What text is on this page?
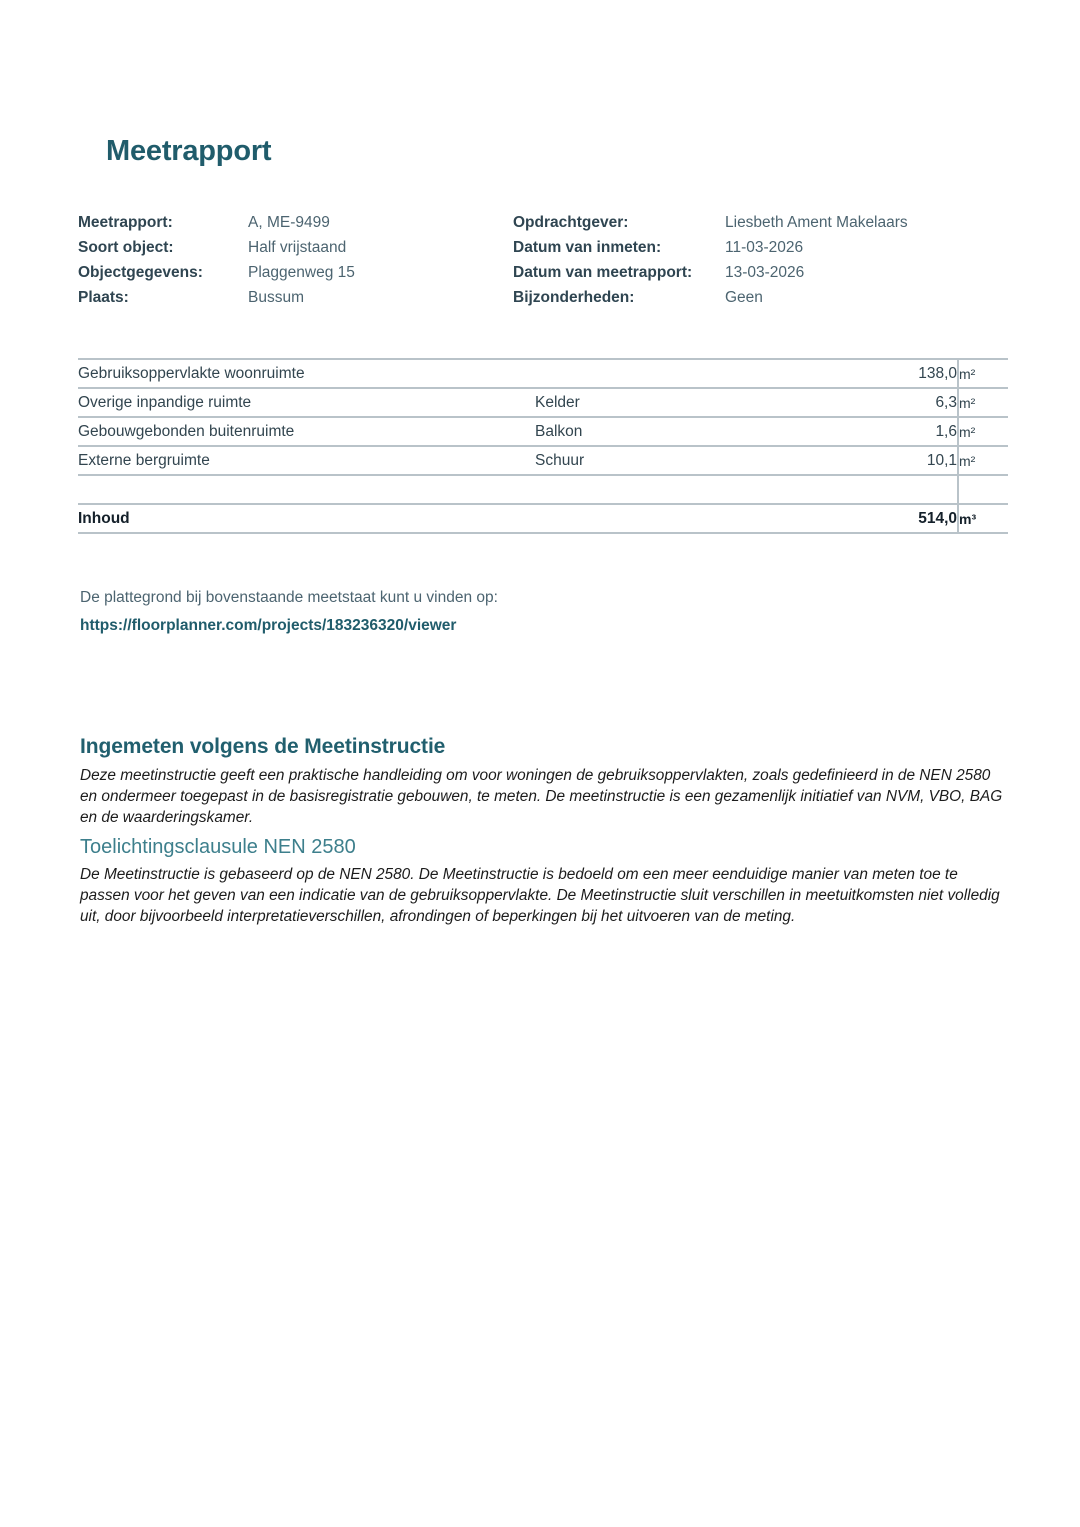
Meetrapport
Meetrapport:	A, ME-9499
Soort object:	Half vrijstaand
Objectgegevens:	Plaggenweg 15
Plaats:	Bussum
Opdrachtgever:	Liesbeth Ament Makelaars
Datum van inmeten:	11-03-2026
Datum van meetrapport:	13-03-2026
Bijzonderheden:	Geen
Gebruiksoppervlakte woonruimte		138,0	m²
Overige inpandige ruimte	Kelder	6,3	m²
Gebouwgebonden buitenruimte	Balkon	1,6	m²
Externe bergruimte	Schuur	10,1	m²

Inhoud		514,0	m³

De plattegrond bij bovenstaande meetstaat kunt u vinden op:
https://floorplanner.com/projects/183236320/viewer
Ingemeten volgens de Meetinstructie
Deze meetinstructie geeft een praktische handleiding om voor woningen de gebruiksoppervlakten, zoals gedefinieerd in de NEN 2580 en ondermeer toegepast in de basisregistratie gebouwen, te meten. De meetinstructie is een gezamenlijk initiatief van NVM, VBO, BAG en de waarderingskamer.
Toelichtingsclausule NEN 2580
De Meetinstructie is gebaseerd op de NEN 2580. De Meetinstructie is bedoeld om een meer eenduidige manier van meten toe te passen voor het geven van een indicatie van de gebruiksoppervlakte. De Meetinstructie sluit verschillen in meetuitkomsten niet volledig uit, door bijvoorbeeld interpretatieverschillen, afrondingen of beperkingen bij het uitvoeren van de meting.
